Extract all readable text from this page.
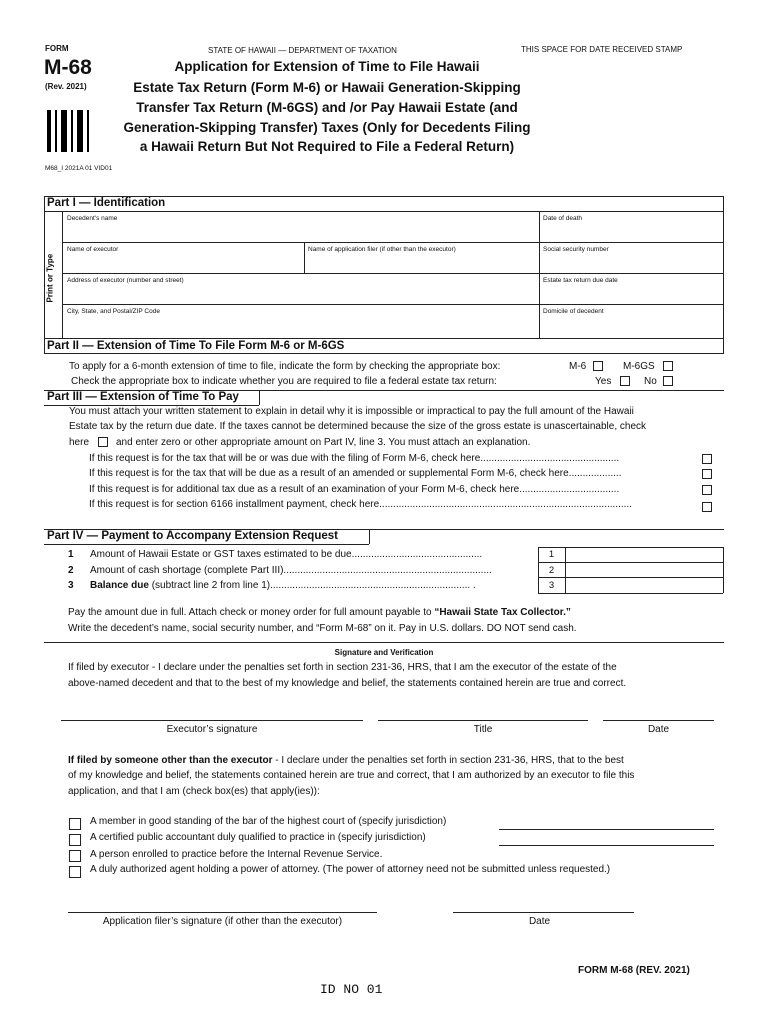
FORM
M-68
(Rev. 2021)
M68_I 2021A 01 VID01
STATE OF HAWAII — DEPARTMENT OF TAXATION	THIS SPACE FOR DATE RECEIVED STAMP
Application for Extension of Time to File Hawaii
Estate Tax Return (Form M-6) or Hawaii Generation-Skipping
Transfer Tax Return (M-6GS) and /or Pay Hawaii Estate (and
Generation-Skipping Transfer) Taxes (Only for Decedents Filing
a Hawaii Return But Not Required to File a Federal Return)
Part I — Identification
Print or Type
Decedent's name	Date of death
Name of executor	Name of application filer (if other than the executor)	Social security number
Address of executor (number and street)	Estate tax return due date
City, State, and Postal/ZIP Code	Domicile of decedent
Part II — Extension of Time To File Form M-6 or M-6GS
To apply for a 6-month extension of time to file, indicate the form by checking the appropriate box:	M-6	M-6GS
Check the appropriate box to indicate whether you are required to file a federal estate tax return:	Yes	No
Part III — Extension of Time To Pay
You must attach your written statement to explain in detail why it is impossible or impractical to pay the full amount of the Hawaii
Estate tax by the return due date. If the taxes cannot be determined because the size of the gross estate is unascertainable, check
here	and enter zero or other appropriate amount on Part IV, line 3. You must attach an explanation.
If this request is for the tax that will be or was due with the filing of Form M-6, check here..................................................
If this request is for the tax that will be due as a result of an amended or supplemental Form M-6, check here...................
If this request is for additional tax due as a result of an examination of your Form M-6, check here....................................
If this request is for section 6166 installment payment, check here...........................................................................................
Part IV — Payment to Accompany Extension Request
1 Amount of Hawaii Estate or GST taxes estimated to be due...............................................
2 Amount of cash shortage (complete Part III)...........................................................................
3 Balance due (subtract line 2 from line 1)........................................................................ .
1
2
3
Pay the amount due in full. Attach check or money order for full amount payable to “Hawaii State Tax Collector.”
Write the decedent’s name, social security number, and “Form M-68” on it. Pay in U.S. dollars. DO NOT send cash.
Signature and Verification
If filed by executor - I declare under the penalties set forth in section 231-36, HRS, that I am the executor of the estate of the
above-named decedent and that to the best of my knowledge and belief, the statements contained herein are true and correct.
Executor’s signature	Title	Date
If filed by someone other than the executor - I declare under the penalties set forth in section 231-36, HRS, that to the best
of my knowledge and belief, the statements contained herein are true and correct, that I am authorized by an executor to file this
application, and that I am (check box(es) that apply(ies)):
A member in good standing of the bar of the highest court of (specify jurisdiction)
A certified public accountant duly qualified to practice in (specify jurisdiction)
A person enrolled to practice before the Internal Revenue Service.
A duly authorized agent holding a power of attorney. (The power of attorney need not be submitted unless requested.)
Application filer’s signature (if other than the executor)	Date
FORM M-68 (REV. 2021)
ID NO 01
